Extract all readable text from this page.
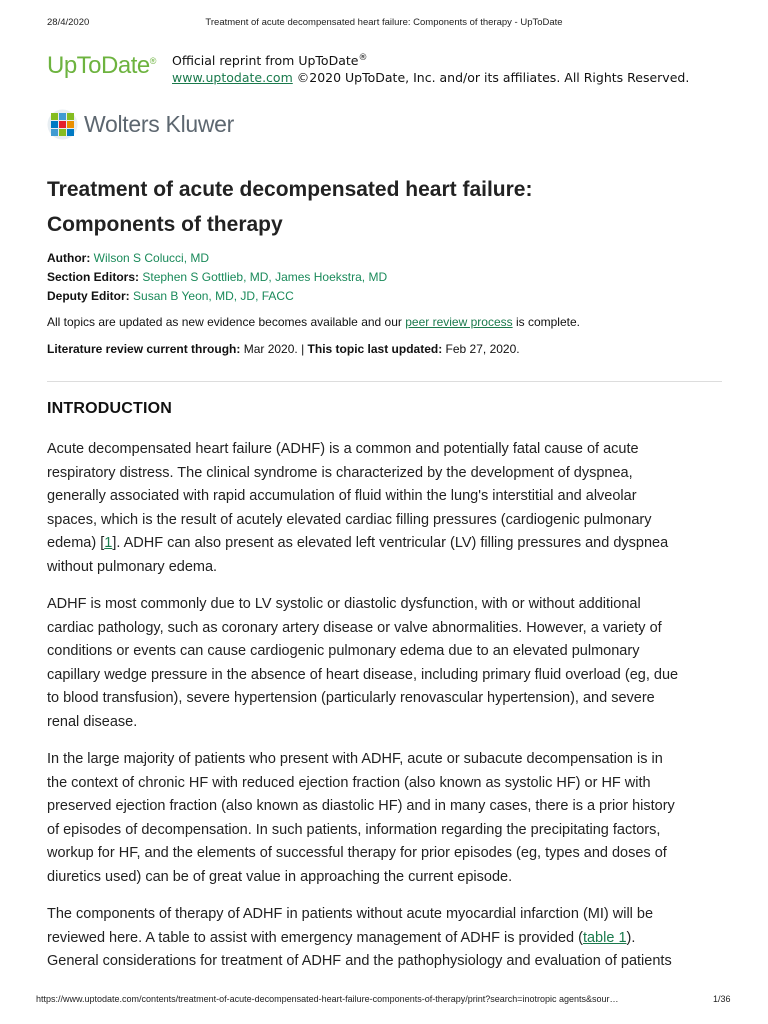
28/4/2020	Treatment of acute decompensated heart failure: Components of therapy - UpToDate
UpToDate® Official reprint from UpToDate®
www.uptodate.com ©2020 UpToDate, Inc. and/or its affiliates. All Rights Reserved.
Wolters Kluwer
Treatment of acute decompensated heart failure:
Components of therapy
Author: Wilson S Colucci, MD
Section Editors: Stephen S Gottlieb, MD, James Hoekstra, MD
Deputy Editor: Susan B Yeon, MD, JD, FACC
All topics are updated as new evidence becomes available and our peer review process is complete.
Literature review current through: Mar 2020. | This topic last updated: Feb 27, 2020.
INTRODUCTION
Acute decompensated heart failure (ADHF) is a common and potentially fatal cause of acute
respiratory distress. The clinical syndrome is characterized by the development of dyspnea,
generally associated with rapid accumulation of fluid within the lung's interstitial and alveolar
spaces, which is the result of acutely elevated cardiac filling pressures (cardiogenic pulmonary
edema) [1]. ADHF can also present as elevated left ventricular (LV) filling pressures and dyspnea
without pulmonary edema.
ADHF is most commonly due to LV systolic or diastolic dysfunction, with or without additional
cardiac pathology, such as coronary artery disease or valve abnormalities. However, a variety of
conditions or events can cause cardiogenic pulmonary edema due to an elevated pulmonary
capillary wedge pressure in the absence of heart disease, including primary fluid overload (eg, due
to blood transfusion), severe hypertension (particularly renovascular hypertension), and severe
renal disease.
In the large majority of patients who present with ADHF, acute or subacute decompensation is in
the context of chronic HF with reduced ejection fraction (also known as systolic HF) or HF with
preserved ejection fraction (also known as diastolic HF) and in many cases, there is a prior history
of episodes of decompensation. In such patients, information regarding the precipitating factors,
workup for HF, and the elements of successful therapy for prior episodes (eg, types and doses of
diuretics used) can be of great value in approaching the current episode.
The components of therapy of ADHF in patients without acute myocardial infarction (MI) will be
reviewed here. A table to assist with emergency management of ADHF is provided (table 1).
General considerations for treatment of ADHF and the pathophysiology and evaluation of patients
https://www.uptodate.com/contents/treatment-of-acute-decompensated-heart-failure-components-of-therapy/print?search=inotropic agents&sour…	1/36
